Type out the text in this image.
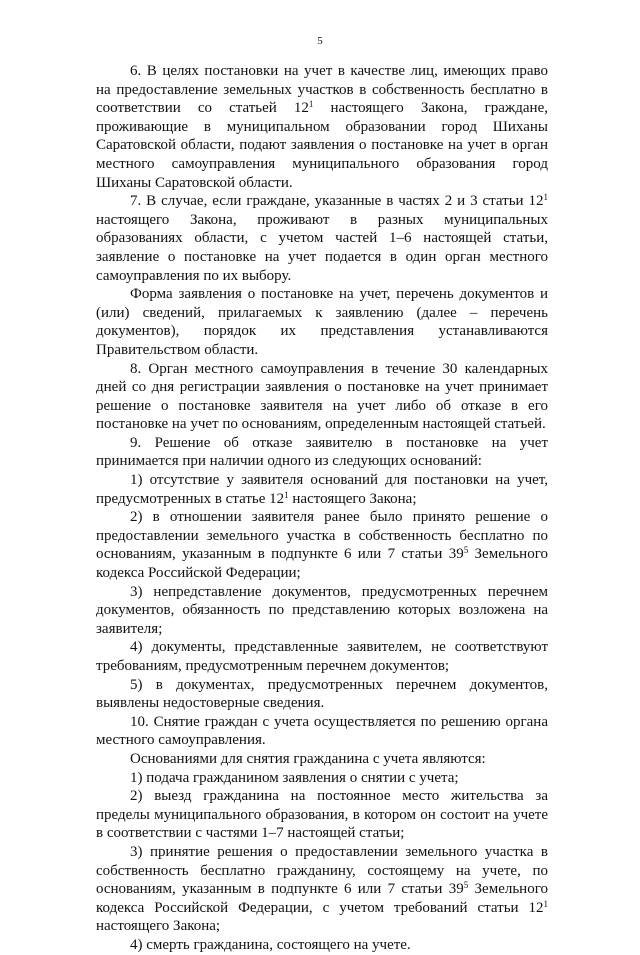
5

6. В целях постановки на учет в качестве лиц, имеющих право на предоставление земельных участков в собственность бесплатно в соответствии со статьей $12^1$ настоящего Закона, граждане, проживающие в муниципальном образовании город Шиханы Саратовской области, подают заявления о постановке на учет в орган местного самоуправления муниципального образования город Шиханы Саратовской области.

7. В случае, если граждане, указанные в частях 2 и 3 статьи $12^1$ настоящего Закона, проживают в разных муниципальных образованиях области, с учетом частей 1–6 настоящей статьи, заявление о постановке на учет подается в один орган местного самоуправления по их выбору.

Форма заявления о постановке на учет, перечень документов и (или) сведений, прилагаемых к заявлению (далее – перечень документов), порядок их представления устанавливаются Правительством области.

8. Орган местного самоуправления в течение 30 календарных дней со дня регистрации заявления о постановке на учет принимает решение о постановке заявителя на учет либо об отказе в его постановке на учет по основаниям, определенным настоящей статьей.

9. Решение об отказе заявителю в постановке на учет принимается при наличии одного из следующих оснований:

1) отсутствие у заявителя оснований для постановки на учет, предусмотренных в статье $12^1$ настоящего Закона;

2) в отношении заявителя ранее было принято решение о предоставлении земельного участка в собственность бесплатно по основаниям, указанным в подпункте 6 или 7 статьи $39^5$ Земельного кодекса Российской Федерации;

3) непредставление документов, предусмотренных перечнем документов, обязанность по представлению которых возложена на заявителя;

4) документы, представленные заявителем, не соответствуют требованиям, предусмотренным перечнем документов;

5) в документах, предусмотренных перечнем документов, выявлены недостоверные сведения.

10. Снятие граждан с учета осуществляется по решению органа местного самоуправления.

Основаниями для снятия гражданина с учета являются:

1) подача гражданином заявления о снятии с учета;

2) выезд гражданина на постоянное место жительства за пределы муниципального образования, в котором он состоит на учете в соответствии с частями 1–7 настоящей статьи;

3) принятие решения о предоставлении земельного участка в собственность бесплатно гражданину, состоящему на учете, по основаниям, указанным в подпункте 6 или 7 статьи $39^5$ Земельного кодекса Российской Федерации, с учетом требований статьи $12^1$ настоящего Закона;

4) смерть гражданина, состоящего на учете.
